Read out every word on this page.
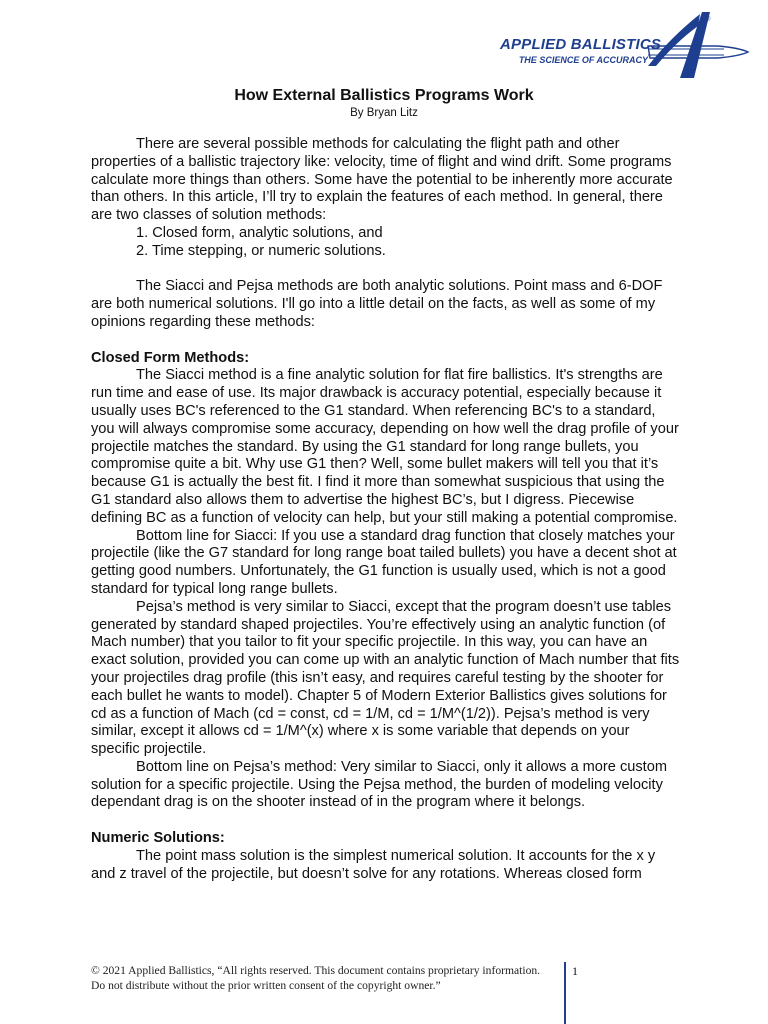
APPLIED BALLISTICS
THE SCIENCE OF ACCURACY
®
How External Ballistics Programs Work
By Bryan Litz

There are several possible methods for calculating the flight path and other properties of a ballistic trajectory like: velocity, time of flight and wind drift. Some programs calculate more things than others. Some have the potential to be inherently more accurate than others. In this article, I’ll try to explain the features of each method. In general, there are two classes of solution methods:

1. Closed form, analytic solutions, and

2. Time stepping, or numeric solutions.

The Siacci and Pejsa methods are both analytic solutions. Point mass and 6-DOF are both numerical solutions. I'll go into a little detail on the facts, as well as some of my opinions regarding these methods:

Closed Form Methods:

The Siacci method is a fine analytic solution for flat fire ballistics. It's strengths are run time and ease of use. Its major drawback is accuracy potential, especially because it usually uses BC's referenced to the G1 standard. When referencing BC's to a standard, you will always compromise some accuracy, depending on how well the drag profile of your projectile matches the standard. By using the G1 standard for long range bullets, you compromise quite a bit. Why use G1 then? Well, some bullet makers will tell you that it’s because G1 is actually the best fit. I find it more than somewhat suspicious that using the G1 standard also allows them to advertise the highest BC’s, but I digress. Piecewise defining BC as a function of velocity can help, but your still making a potential compromise.

Bottom line for Siacci: If you use a standard drag function that closely matches your projectile (like the G7 standard for long range boat tailed bullets) you have a decent shot at getting good numbers. Unfortunately, the G1 function is usually used, which is not a good standard for typical long range bullets.

Pejsa’s method is very similar to Siacci, except that the program doesn’t use tables generated by standard shaped projectiles. You’re effectively using an analytic function (of Mach number) that you tailor to fit your specific projectile. In this way, you can have an exact solution, provided you can come up with an analytic function of Mach number that fits your projectiles drag profile (this isn’t easy, and requires careful testing by the shooter for each bullet he wants to model). Chapter 5 of Modern Exterior Ballistics gives solutions for cd as a function of Mach (cd = const, cd = 1/M, cd = 1/M^(1/2)). Pejsa’s method is very similar, except it allows cd = 1/M^(x) where x is some variable that depends on your specific projectile.

Bottom line on Pejsa’s method: Very similar to Siacci, only it allows a more custom solution for a specific projectile. Using the Pejsa method, the burden of modeling velocity dependant drag is on the shooter instead of in the program where it belongs.

Numeric Solutions:

The point mass solution is the simplest numerical solution. It accounts for the x y and z travel of the projectile, but doesn’t solve for any rotations. Whereas closed form

© 2021 Applied Ballistics, “All rights reserved. This document contains proprietary information. Do not distribute without the prior written consent of the copyright owner.”
1
